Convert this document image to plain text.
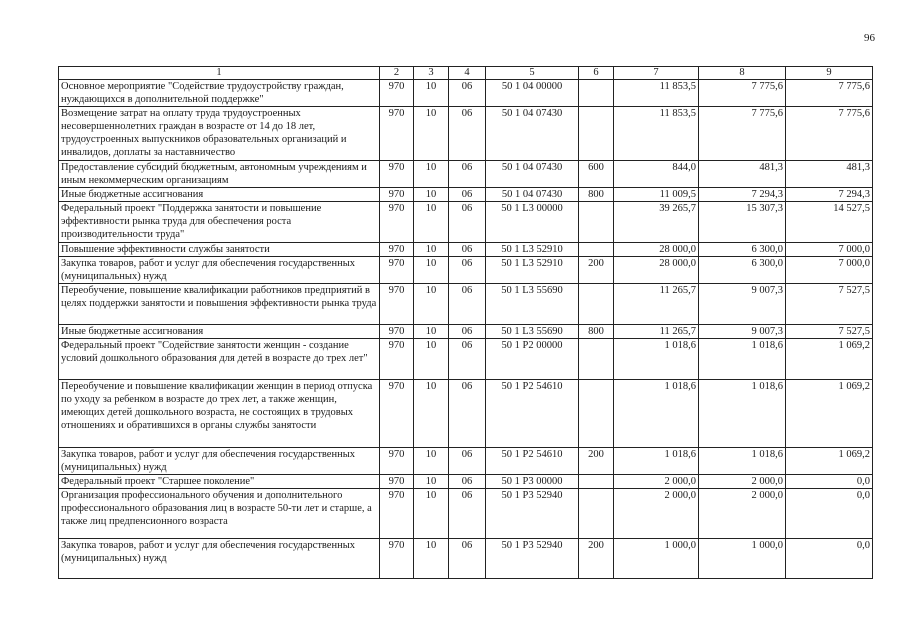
96
1	2	3	4	5	6	7	8	9
Основное мероприятие "Содействие трудоустройству граждан, нуждающихся в дополнительной поддержке"	970	10	06	50 1 04 00000		11 853,5	7 775,6	7 775,6
Возмещение затрат на оплату труда трудоустроенных несовершеннолетних граждан в возрасте от 14 до 18 лет, трудоустроенных выпускников образовательных организаций и инвалидов, доплаты за наставничество	970	10	06	50 1 04 07430		11 853,5	7 775,6	7 775,6
Предоставление субсидий бюджетным, автономным учреждениям и иным некоммерческим организациям	970	10	06	50 1 04 07430	600	844,0	481,3	481,3
Иные бюджетные ассигнования	970	10	06	50 1 04 07430	800	11 009,5	7 294,3	7 294,3
Федеральный проект "Поддержка занятости и повышение эффективности рынка труда для обеспечения роста производительности труда"	970	10	06	50 1 L3 00000		39 265,7	15 307,3	14 527,5
Повышение эффективности службы занятости	970	10	06	50 1 L3 52910		28 000,0	6 300,0	7 000,0
Закупка товаров, работ и услуг для обеспечения государственных (муниципальных) нужд	970	10	06	50 1 L3 52910	200	28 000,0	6 300,0	7 000,0
Переобучение, повышение квалификации работников предприятий в целях поддержки занятости и повышения эффективности рынка труда	970	10	06	50 1 L3 55690		11 265,7	9 007,3	7 527,5
Иные бюджетные ассигнования	970	10	06	50 1 L3 55690	800	11 265,7	9 007,3	7 527,5
Федеральный проект "Содействие занятости женщин - создание условий дошкольного образования для детей в возрасте до трех лет"	970	10	06	50 1 P2 00000		1 018,6	1 018,6	1 069,2
Переобучение и повышение квалификации женщин в период отпуска по уходу за ребенком в возрасте до трех лет, а также женщин, имеющих детей дошкольного возраста, не состоящих в трудовых отношениях и обратившихся в органы службы занятости	970	10	06	50 1 P2 54610		1 018,6	1 018,6	1 069,2
Закупка товаров, работ и услуг для обеспечения государственных (муниципальных) нужд	970	10	06	50 1 P2 54610	200	1 018,6	1 018,6	1 069,2
Федеральный проект "Старшее поколение"	970	10	06	50 1 P3 00000		2 000,0	2 000,0	0,0
Организация профессионального обучения и дополнительного профессионального образования лиц в возрасте 50-ти лет и старше, а также лиц предпенсионного возраста	970	10	06	50 1 P3 52940		2 000,0	2 000,0	0,0
Закупка товаров, работ и услуг для обеспечения государственных (муниципальных) нужд	970	10	06	50 1 P3 52940	200	1 000,0	1 000,0	0,0
